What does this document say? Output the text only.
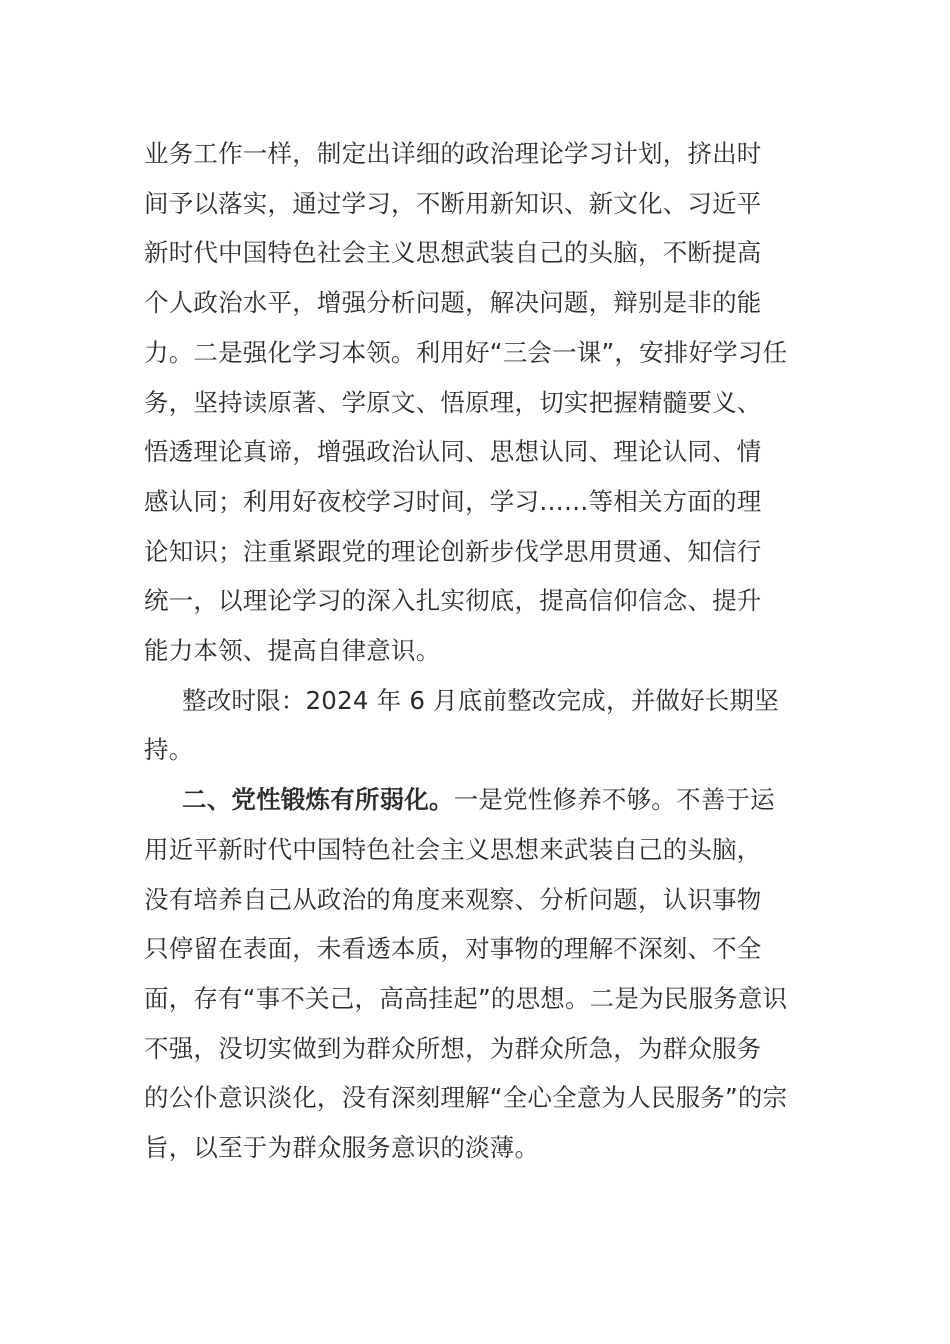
业务工作一样，制定出详细的政治理论学习计划，挤出时
间予以落实，通过学习，不断用新知识、新文化、习近平
新时代中国特色社会主义思想武装自己的头脑，不断提高
个人政治水平，增强分析问题，解决问题，辩别是非的能
力。二是强化学习本领。利用好“三会一课”，安排好学习任
务，坚持读原著、学原文、悟原理，切实把握精髓要义、
悟透理论真谛，增强政治认同、思想认同、理论认同、情
感认同；利用好夜校学习时间，学习……等相关方面的理
论知识；注重紧跟党的理论创新步伐学思用贯通、知信行
统一，以理论学习的深入扎实彻底，提高信仰信念、提升
能力本领、提高自律意识。

整改时限：2024 年 6 月底前整改完成，并做好长期坚
持。

二、党性锻炼有所弱化。一是党性修养不够。不善于运
用近平新时代中国特色社会主义思想来武装自己的头脑，
没有培养自己从政治的角度来观察、分析问题，认识事物
只停留在表面，未看透本质，对事物的理解不深刻、不全
面，存有“事不关己，高高挂起”的思想。二是为民服务意识
不强，没切实做到为群众所想，为群众所急，为群众服务
的公仆意识淡化，没有深刻理解“全心全意为人民服务”的宗
旨，以至于为群众服务意识的淡薄。
